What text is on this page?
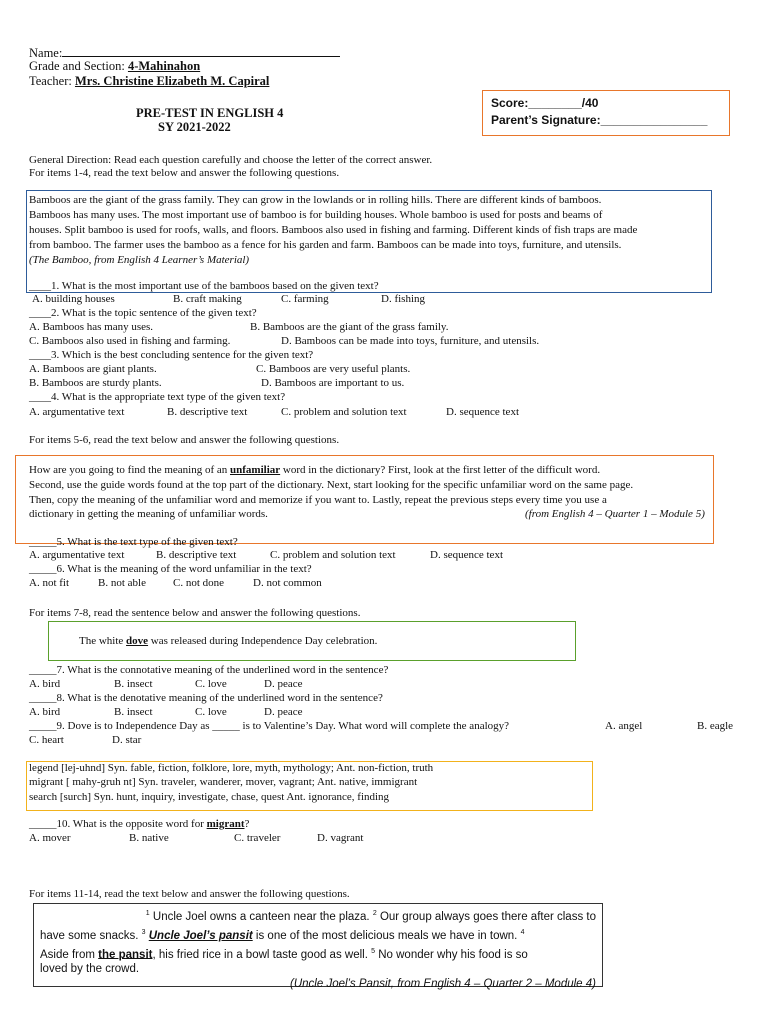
Name:
Grade and Section: 4-Mahinahon
Teacher: Mrs. Christine Elizabeth M. Capiral
PRE-TEST IN ENGLISH 4
SY 2021-2022
Score:________/40
Parent’s Signature:________________
General Direction: Read each question carefully and choose the letter of the correct answer.
For items 1-4, read the text below and answer the following questions.
Bamboos are the giant of the grass family. They can grow in the lowlands or in rolling hills. There are different kinds of bamboos.
Bamboos has many uses. The most important use of bamboo is for building houses. Whole bamboo is used for posts and beams of
houses. Split bamboo is used for roofs, walls, and floors. Bamboos also used in fishing and farming. Different kinds of fish traps are made
from bamboo. The farmer uses the bamboo as a fence for his garden and farm. Bamboos can be made into toys, furniture, and utensils.
(The Bamboo, from English 4 Learner’s Material)
____1. What is the most important use of the bamboos based on the given text?
A. building houses	B. craft making	C. farming	D. fishing
____2. What is the topic sentence of the given text?
A. Bamboos has many uses.	B. Bamboos are the giant of the grass family.
C. Bamboos also used in fishing and farming.	D. Bamboos can be made into toys, furniture, and utensils.
____3. Which is the best concluding sentence for the given text?
A. Bamboos are giant plants.	C. Bamboos are very useful plants.
B. Bamboos are sturdy plants.	D. Bamboos are important to us.
____4. What is the appropriate text type of the given text?
A. argumentative text	B. descriptive text	C. problem and solution text	D. sequence text
For items 5-6, read the text below and answer the following questions.
How are you going to find the meaning of an unfamiliar word in the dictionary? First, look at the first letter of the difficult word.
Second, use the guide words found at the top part of the dictionary. Next, start looking for the specific unfamiliar word on the same page.
Then, copy the meaning of the unfamiliar word and memorize if you want to. Lastly, repeat the previous steps every time you use a
dictionary in getting the meaning of unfamiliar words.	(from English 4 – Quarter 1 – Module 5)
_____5. What is the text type of the given text?
A. argumentative text	B. descriptive text	C. problem and solution text	D. sequence text
_____6. What is the meaning of the word unfamiliar in the text?
A. not fit	B. not able C. not done	D. not common
For items 7-8, read the sentence below and answer the following questions.
The white dove was released during Independence Day celebration.
_____7. What is the connotative meaning of the underlined word in the sentence?
A. bird	B. insect	C. love	D. peace
_____8. What is the denotative meaning of the underlined word in the sentence?
A. bird	B. insect	C. love	D. peace
_____9. Dove is to Independence Day as _____ is to Valentine’s Day. What word will complete the analogy?	A. angel	B. eagle
C. heart	D. star
legend [lej-uhnd] Syn. fable, fiction, folklore, lore, myth, mythology; Ant. non-fiction, truth
migrant [ mahy-gruh nt] Syn. traveler, wanderer, mover, vagrant; Ant. native, immigrant
search [surch] Syn. hunt, inquiry, investigate, chase, quest Ant. ignorance, finding
_____10. What is the opposite word for migrant?
A. mover	B. native	C. traveler	D. vagrant
For items 11-14, read the text below and answer the following questions.
$^1$ Uncle Joel owns a canteen near the plaza. $^2$ Our group always goes there after class to
have some snacks. $^3$ Uncle Joel’s pansit is one of the most delicious meals we have in town. $^4$
Aside from the pansit, his fried rice in a bowl taste good as well. $^5$ No wonder why his food is so
loved by the crowd.
(Uncle Joel’s Pansit, from English 4 – Quarter 2 – Module 4)
